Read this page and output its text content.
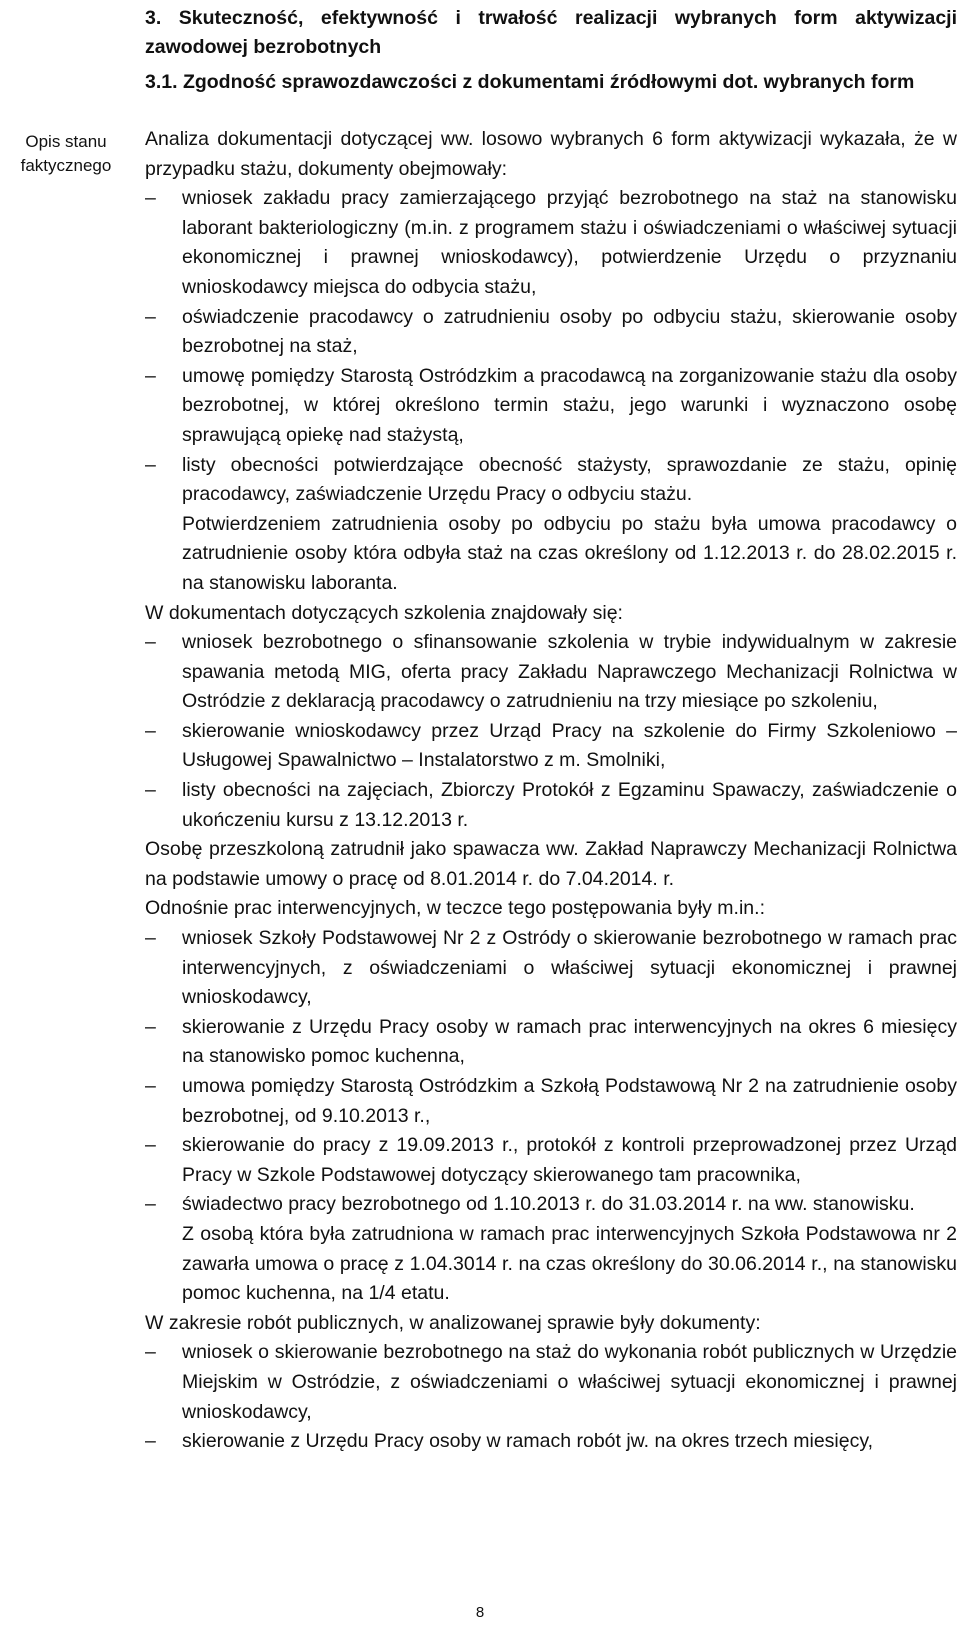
3. Skuteczność, efektywność i trwałość realizacji wybranych form aktywizacji zawodowej bezrobotnych
3.1. Zgodność sprawozdawczości z dokumentami źródłowymi dot. wybranych form
Opis stanu faktycznego

Analiza dokumentacji dotyczącej ww. losowo wybranych 6 form aktywizacji wykazała, że w przypadku stażu, dokumenty obejmowały:

–	wniosek zakładu pracy zamierzającego przyjąć bezrobotnego na staż na stanowisku laborant bakteriologiczny (m.in. z programem stażu i oświadczeniami o właściwej sytuacji ekonomicznej i prawnej wnioskodawcy), potwierdzenie Urzędu o przyznaniu wnioskodawcy miejsca do odbycia stażu,
–	oświadczenie pracodawcy o zatrudnieniu osoby po odbyciu stażu, skierowanie osoby bezrobotnej na staż,
–	umowę pomiędzy Starostą Ostródzkim a pracodawcą na zorganizowanie stażu dla osoby bezrobotnej, w której określono termin stażu, jego warunki i wyznaczono osobę sprawującą opiekę nad stażystą,
–	listy obecności potwierdzające obecność stażysty, sprawozdanie ze stażu, opinię pracodawcy, zaświadczenie Urzędu Pracy o odbyciu stażu.

Potwierdzeniem zatrudnienia osoby po odbyciu po stażu była umowa pracodawcy o zatrudnienie osoby która odbyła staż na czas określony od 1.12.2013 r. do 28.02.2015 r. na stanowisku laboranta.

W dokumentach dotyczących szkolenia znajdowały się:

–	wniosek bezrobotnego o sfinansowanie szkolenia w trybie indywidualnym w zakresie spawania metodą MIG, oferta pracy Zakładu Naprawczego Mechanizacji Rolnictwa w Ostródzie z deklaracją pracodawcy o zatrudnieniu na trzy miesiące po szkoleniu,
–	skierowanie wnioskodawcy przez Urząd Pracy na szkolenie do Firmy Szkoleniowo – Usługowej Spawalnictwo – Instalatorstwo z m. Smolniki,
–	listy obecności na zajęciach, Zbiorczy Protokół z Egzaminu Spawaczy, zaświadczenie o ukończeniu kursu z 13.12.2013 r.

Osobę przeszkoloną zatrudnił jako spawacza ww. Zakład Naprawczy Mechanizacji Rolnictwa na podstawie umowy o pracę od 8.01.2014 r. do 7.04.2014. r.

Odnośnie prac interwencyjnych, w teczce tego postępowania były m.in.:

–	wniosek Szkoły Podstawowej Nr 2 z Ostródy o skierowanie bezrobotnego w ramach prac interwencyjnych, z oświadczeniami o właściwej sytuacji ekonomicznej i prawnej wnioskodawcy,
–	skierowanie z Urzędu Pracy osoby w ramach prac interwencyjnych na okres 6 miesięcy na stanowisko pomoc kuchenna,
–	umowa pomiędzy Starostą Ostródzkim a Szkołą Podstawową Nr 2 na zatrudnienie osoby bezrobotnej, od 9.10.2013 r.,
–	skierowanie do pracy z 19.09.2013 r., protokół z kontroli przeprowadzonej przez Urząd Pracy w Szkole Podstawowej dotyczący skierowanego tam pracownika,
–	świadectwo pracy bezrobotnego od 1.10.2013 r. do 31.03.2014 r. na ww. stanowisku.

Z osobą która była zatrudniona w ramach prac interwencyjnych Szkoła Podstawowa nr 2 zawarła umowa o pracę z 1.04.3014 r. na czas określony do 30.06.2014 r., na stanowisku pomoc kuchenna, na 1/4 etatu.

W zakresie robót publicznych, w analizowanej sprawie były dokumenty:

–	wniosek o skierowanie bezrobotnego na staż do wykonania robót publicznych w Urzędzie Miejskim w Ostródzie, z oświadczeniami o właściwej sytuacji ekonomicznej i prawnej wnioskodawcy,
–	skierowanie z Urzędu Pracy osoby w ramach robót jw. na okres trzech miesięcy,
8
